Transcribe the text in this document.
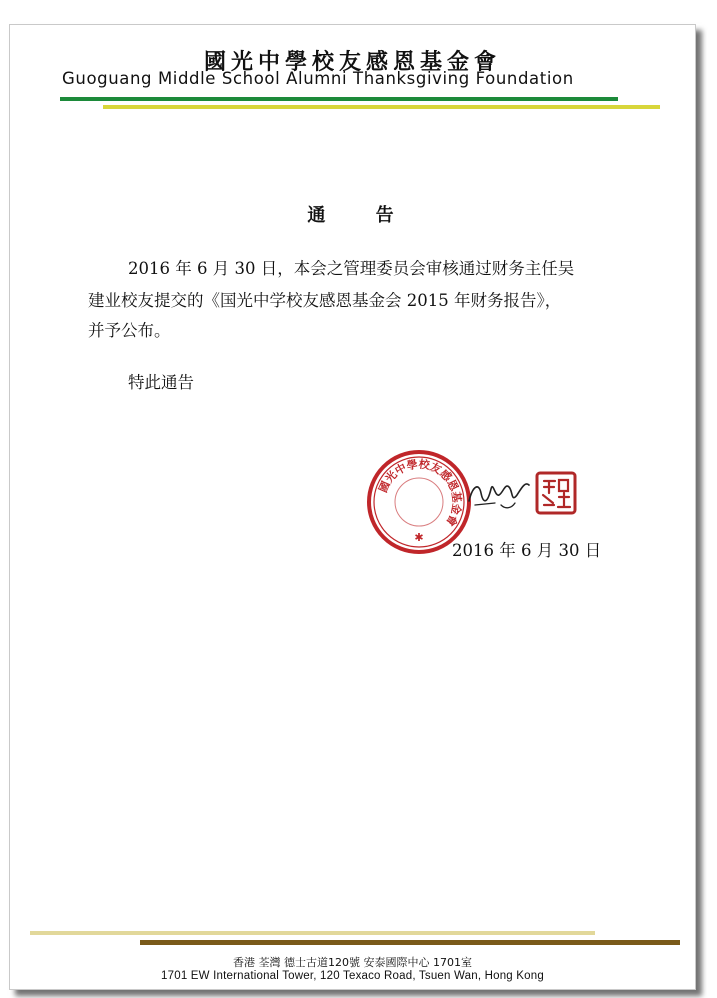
國光中學校友感恩基金會
Guoguang Middle School Alumni Thanksgiving Foundation
通 告
2016 年 6 月 30 日，本会之管理委员会审核通过财务主任吴
建业校友提交的《国光中学校友感恩基金会 2015 年财务报告》，
并予公布。
特此通告
國光中學校友感恩基金會
✱
2016 年 6 月 30 日
香港 荃灣 德士古道120號 安泰國際中心 1701室
1701 EW International Tower, 120 Texaco Road, Tsuen Wan, Hong Kong
